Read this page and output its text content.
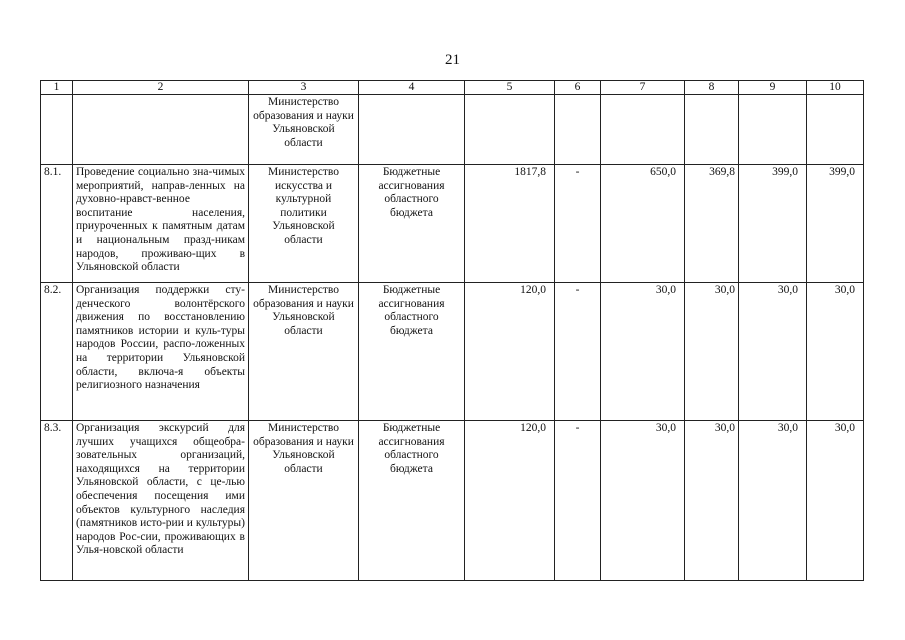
21
1	2	3	4	5	6	7	8	9	10
		Министерство образования и науки Ульяновской области							
8.1.	Проведение социально зна-чимых мероприятий, направ-ленных на духовно-нравст-венное воспитание населения, приуроченных к памятным датам и национальным празд-никам народов, проживаю-щих в Ульяновской области	Министерство искусства и культурной политики Ульяновской области	Бюджетные ассигнования областного бюджета	1817,8	-	650,0	369,8	399,0	399,0
8.2.	Организация поддержки сту-денческого волонтёрского движения по восстановлению памятников истории и куль-туры народов России, распо-ложенных на территории Ульяновской области, включа-я объекты религиозного назначения	Министерство образования и науки Ульяновской области	Бюджетные ассигнования областного бюджета	120,0	-	30,0	30,0	30,0	30,0
8.3.	Организация экскурсий для лучших учащихся общеобра-зовательных организаций, находящихся на территории Ульяновской области, с це-лью обеспечения посещения ими объектов культурного наследия (памятников исто-рии и культуры) народов Рос-сии, проживающих в Улья-новской области	Министерство образования и науки Ульяновской области	Бюджетные ассигнования областного бюджета	120,0	-	30,0	30,0	30,0	30,0
